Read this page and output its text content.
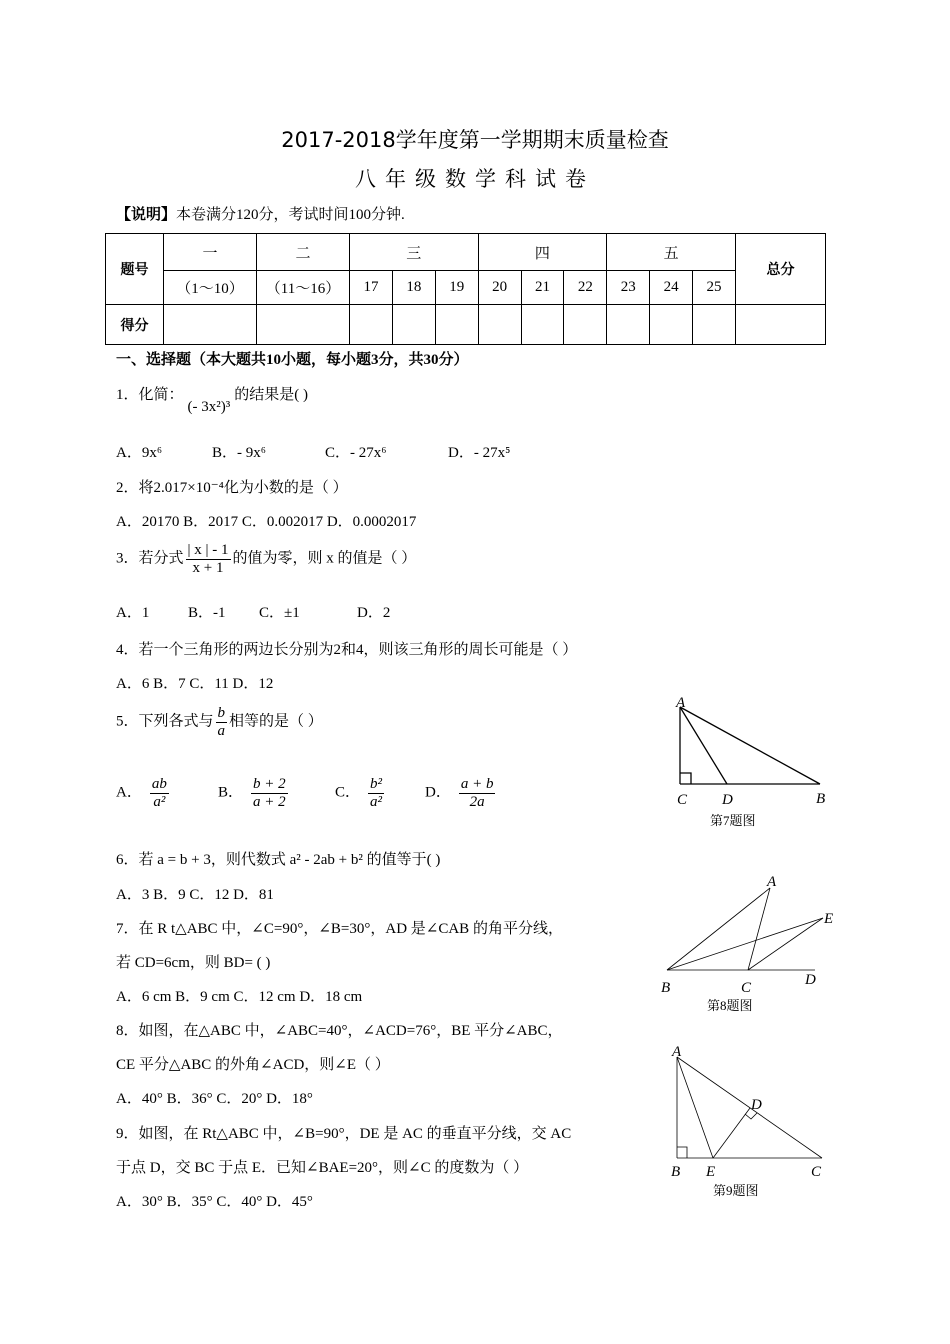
2017-2018学年度第一学期期末质量检查
八年级数学科试卷
【说明】本卷满分120分，考试时间100分钟.
题号	一	二	三			四			五			总分
	（1～10）	（11～16）	17	18	19	20	21	22	23	24	25	
得分												
一、选择题（本大题共10小题，每小题3分，共30分）
1．化简：(- 3x²)³的结果是( )
A．9x⁶	B．- 9x⁶	C．- 27x⁶	D．- 27x⁵
2．将2.017×10⁻⁴化为小数的是（ ）
A．20170 B．2017 C．0.002017 D．0.0002017
3．若分式 $\frac{| x | - 1}{x + 1}$ 的值为零，则 x 的值是（ ）
A．1	B．-1 C．±1	D．2
4．若一个三角形的两边长分别为2和4，则该三角形的周长可能是（ ）
A．6 B．7 C．11 D．12
5．下列各式与 $\frac{b}{a}$ 相等的是（ ）
A． $\frac{ab}{\text{a²}}$	B． $\frac{b + 2}{a + 2}$	C． $\frac{\text{b²}}{\text{a²}}$	D． $\frac{a + b}{2a}$
6．若 a = b + 3，则代数式 a² - 2ab + b² 的值等于( )
A．3 B．9 C．12 D．81
7．在 R t△ABC 中，∠C=90°，∠B=30°，AD 是∠CAB 的角平分线，
若 CD=6cm，则 BD= ( )
A．6 cm B．9 cm C．12 cm D．18 cm
8．如图，在△ABC 中，∠ABC=40°，∠ACD=76°，BE 平分∠ABC，
CE 平分△ABC 的外角∠ACD，则∠E（ ）
A．40° B．36° C．20° D．18°
9．如图，在 Rt△ABC 中，∠B=90°，DE 是 AC 的垂直平分线，交 AC
于点 D，交 BC 于点 E．已知∠BAE=20°，则∠C 的度数为（ ）
A．30° B．35° C．40° D．45°
A
C D	B
第7题图
A
E
B	C	D
第8题图
A
D
B E	C
第9题图
